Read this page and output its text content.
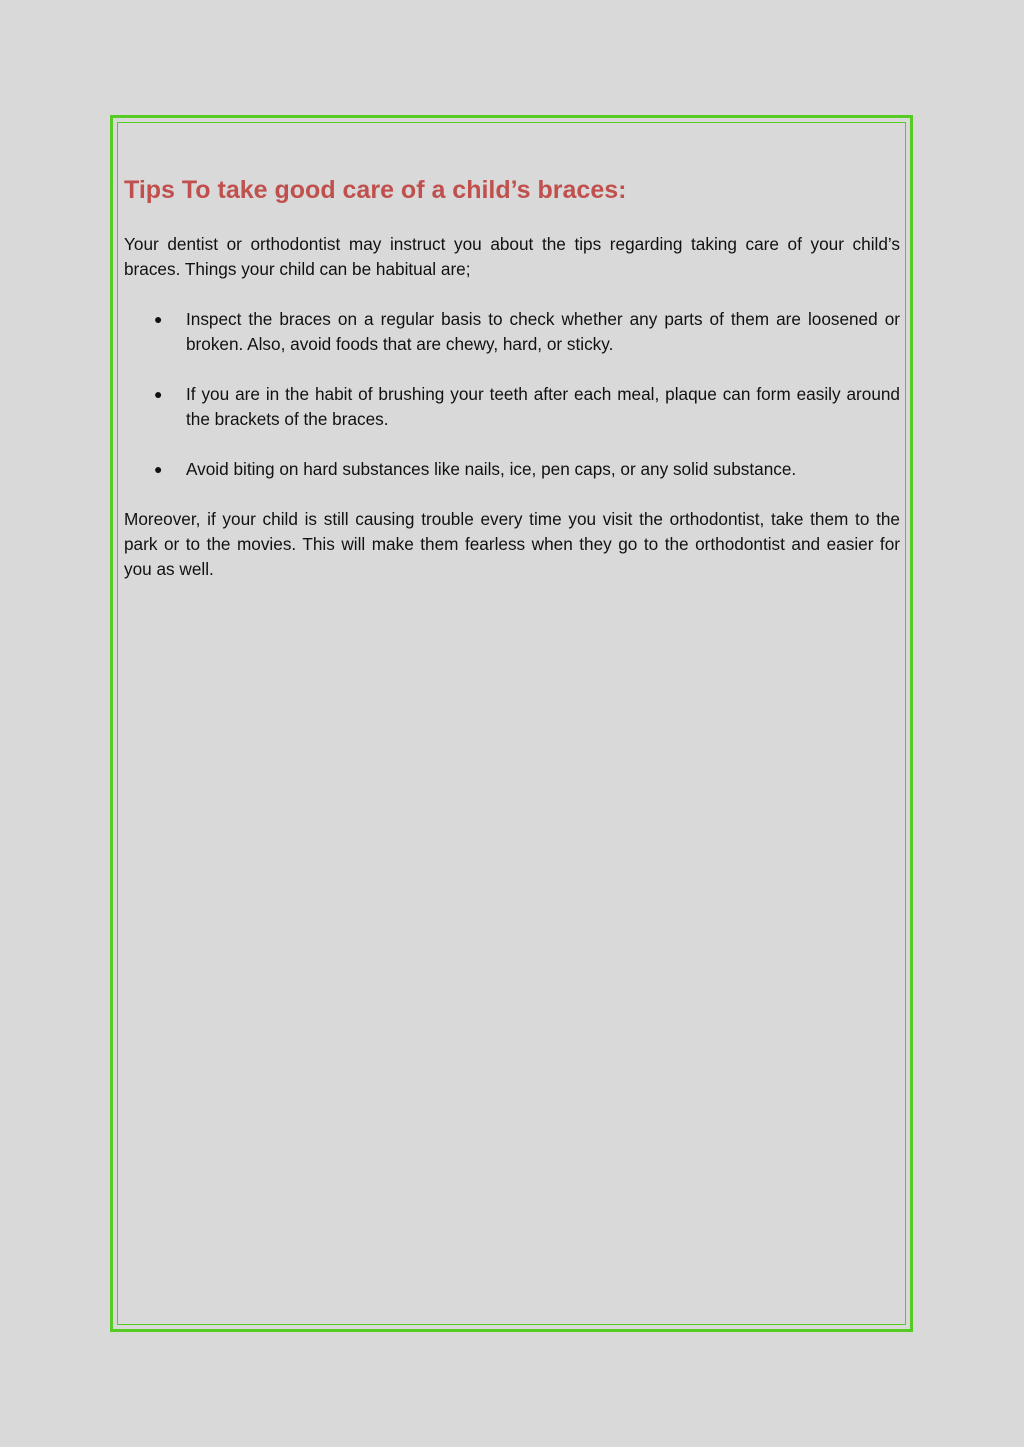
Tips To take good care of a child’s braces:

Your dentist or orthodontist may instruct you about the tips regarding taking care of your child’s braces. Things your child can be habitual are;

● Inspect the braces on a regular basis to check whether any parts of them are loosened or broken. Also, avoid foods that are chewy, hard, or sticky.
● If you are in the habit of brushing your teeth after each meal, plaque can form easily around the brackets of the braces.
● Avoid biting on hard substances like nails, ice, pen caps, or any solid substance.

Moreover, if your child is still causing trouble every time you visit the orthodontist, take them to the park or to the movies. This will make them fearless when they go to the orthodontist and easier for you as well.
